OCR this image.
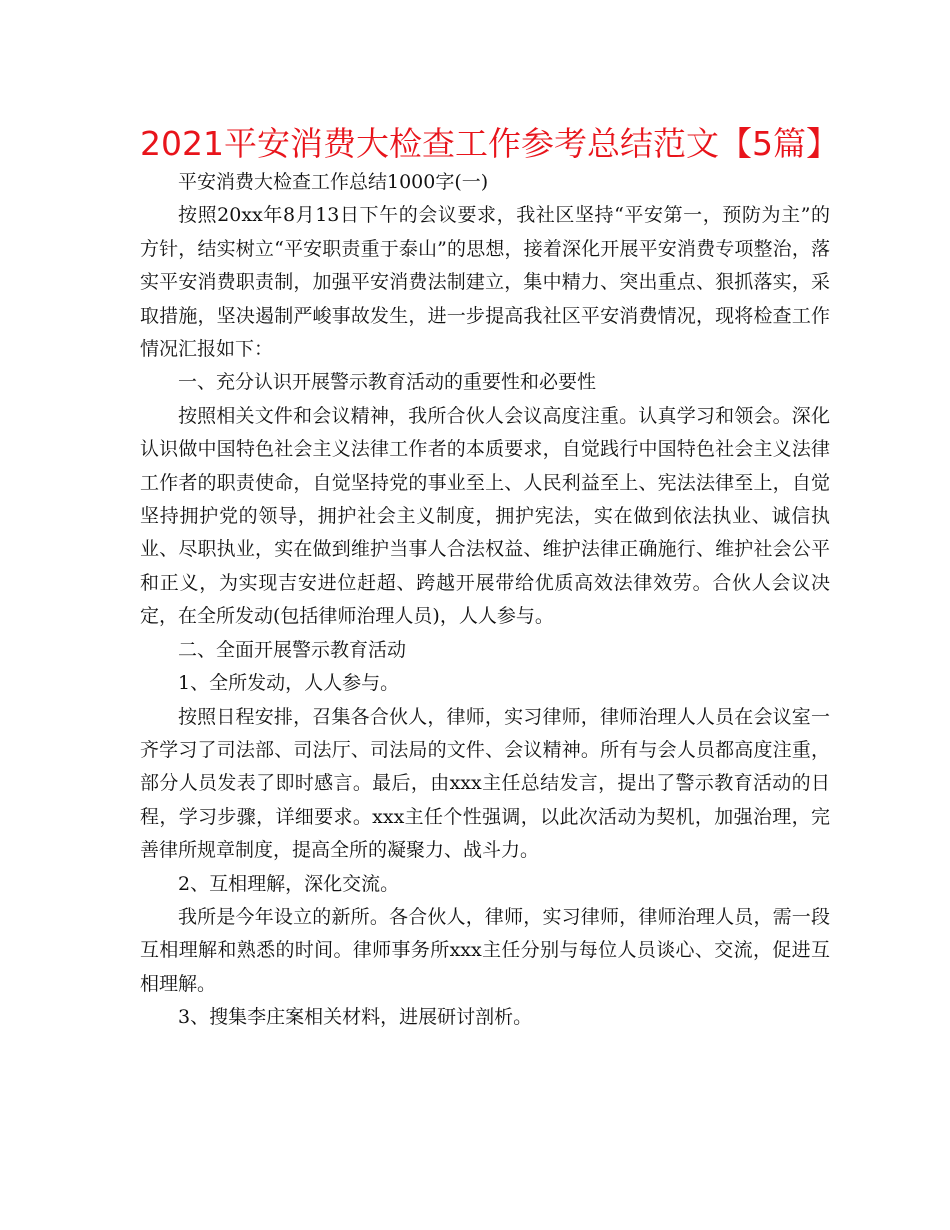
2021平安消费大检查工作参考总结范文【5篇】

平安消费大检查工作总结1000字(一)

按照20xx年8月13日下午的会议要求，我社区坚持“平安第一，预防为主”的方针，结实树立“平安职责重于泰山”的思想，接着深化开展平安消费专项整治，落实平安消费职责制，加强平安消费法制建立，集中精力、突出重点、狠抓落实，采取措施，坚决遏制严峻事故发生，进一步提高我社区平安消费情况，现将检查工作情况汇报如下：

一、充分认识开展警示教育活动的重要性和必要性

按照相关文件和会议精神，我所合伙人会议高度注重。认真学习和领会。深化认识做中国特色社会主义法律工作者的本质要求，自觉践行中国特色社会主义法律工作者的职责使命，自觉坚持党的事业至上、人民利益至上、宪法法律至上，自觉坚持拥护党的领导，拥护社会主义制度，拥护宪法，实在做到依法执业、诚信执业、尽职执业，实在做到维护当事人合法权益、维护法律正确施行、维护社会公平和正义，为实现吉安进位赶超、跨越开展带给优质高效法律效劳。合伙人会议决定，在全所发动(包括律师治理人员)，人人参与。

二、全面开展警示教育活动

1、全所发动，人人参与。

按照日程安排，召集各合伙人，律师，实习律师，律师治理人人员在会议室一齐学习了司法部、司法厅、司法局的文件、会议精神。所有与会人员都高度注重，部分人员发表了即时感言。最后，由xxx主任总结发言，提出了警示教育活动的日程，学习步骤，详细要求。xxx主任个性强调，以此次活动为契机，加强治理，完善律所规章制度，提高全所的凝聚力、战斗力。

2、互相理解，深化交流。

我所是今年设立的新所。各合伙人，律师，实习律师，律师治理人员，需一段互相理解和熟悉的时间。律师事务所xxx主任分别与每位人员谈心、交流，促进互相理解。

3、搜集李庄案相关材料，进展研讨剖析。
